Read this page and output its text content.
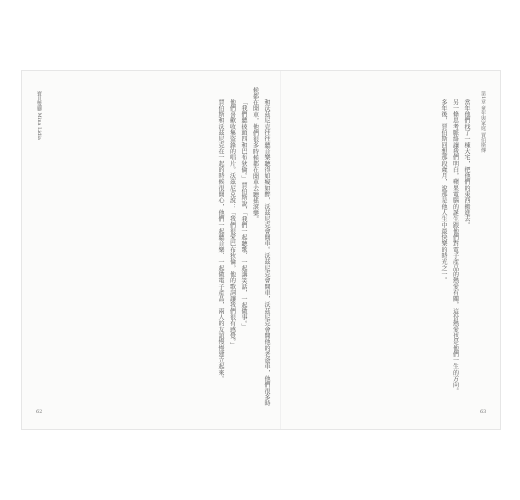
寶貝雙腳 Mina Lidia	和沃茲尼克往往聽音樂聽得如癡如醉，沃茲尼克會開車。沃茲尼克會開車，沃茲尼克會開他的老爸車，他們很多時候都在開車，他們很多時候都在開車去聽搖滾樂。

「我們聽披頭四和巴布狄倫。」賈伯斯說，「我們一起聽歌、一起講笑話，一起做事。」

他們喜歡收集盜錄的唱片。沃茲尼克說：「我們很愛巴布狄倫，他的歌詞讓我們很有感覺。」

賈伯斯和沃茲尼克在一起的時候很開心，他們一起聽音樂、一起做電子產品，兩人的友誼慢慢建立起來。

62
第1章 童年與家庭 賈伯斯傳

當年他們找了一棟大宅，把他們的東西搬進去。

另一條思考脈絡讓我們明白，蘋果電腦的誕生跟他們對電子產品的熱愛有關，這份熱愛也是他們一生的方向。

多年後，賈伯斯回想那段歲月，說那是他人生中最快樂的時光之一。

63
